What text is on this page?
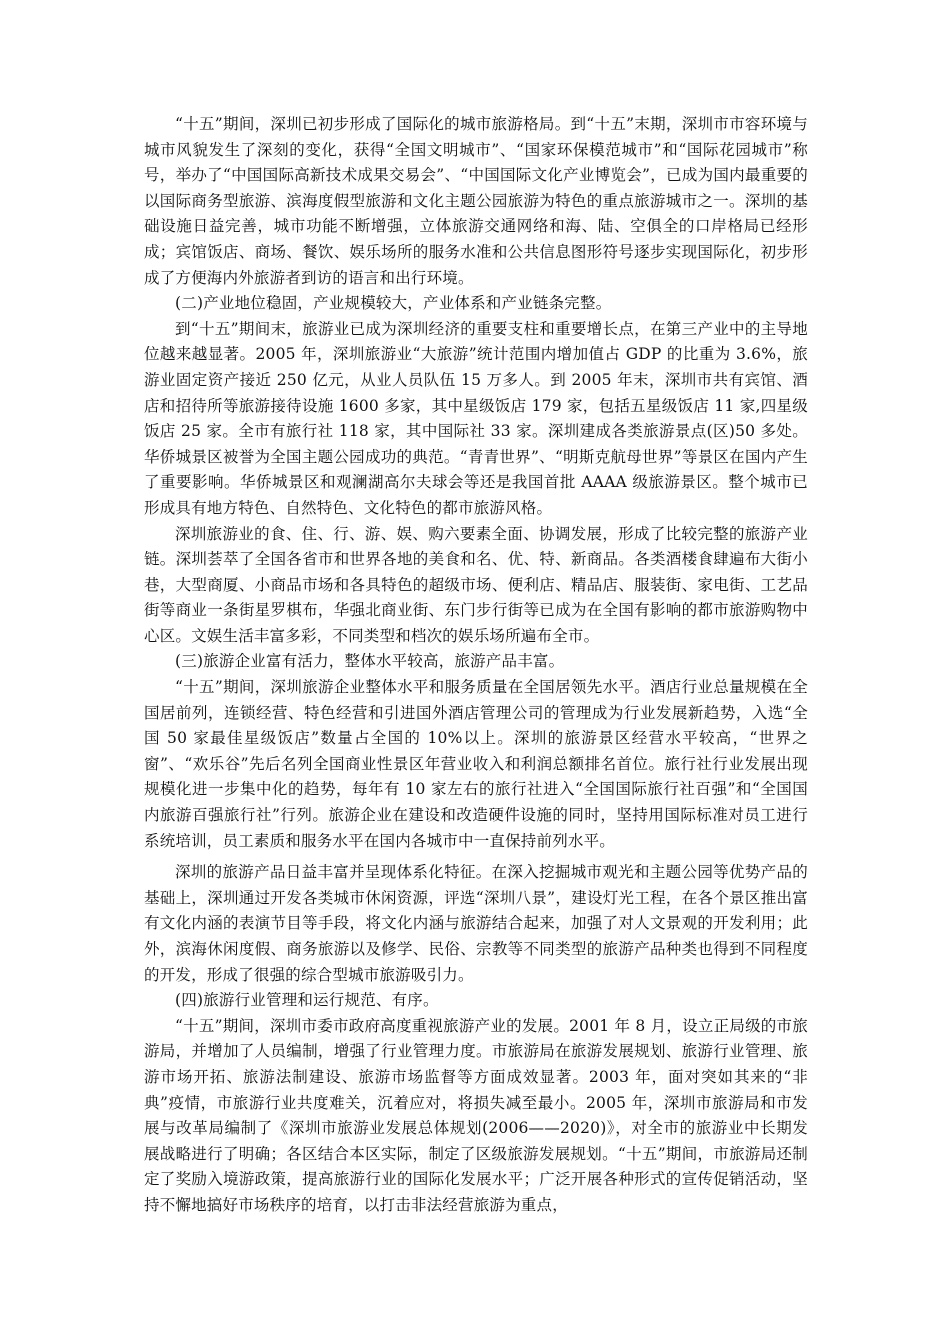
“十五”期间，深圳已初步形成了国际化的城市旅游格局。到“十五”末期，深圳市市容环境与城市风貌发生了深刻的变化，获得“全国文明城市”、“国家环保模范城市”和“国际花园城市”称号，举办了“中国国际高新技术成果交易会”、“中国国际文化产业博览会”，已成为国内最重要的以国际商务型旅游、滨海度假型旅游和文化主题公园旅游为特色的重点旅游城市之一。深圳的基础设施日益完善，城市功能不断增强，立体旅游交通网络和海、陆、空俱全的口岸格局已经形成；宾馆饭店、商场、餐饮、娱乐场所的服务水准和公共信息图形符号逐步实现国际化，初步形成了方便海内外旅游者到访的语言和出行环境。

(二)产业地位稳固，产业规模较大，产业体系和产业链条完整。

到“十五”期间末，旅游业已成为深圳经济的重要支柱和重要增长点，在第三产业中的主导地位越来越显著。2005 年，深圳旅游业“大旅游”统计范围内增加值占 GDP 的比重为 3.6%，旅游业固定资产接近 250 亿元，从业人员队伍 15 万多人。到 2005 年末，深圳市共有宾馆、酒店和招待所等旅游接待设施 1600 多家，其中星级饭店 179 家，包括五星级饭店 11 家,四星级饭店 25 家。全市有旅行社 118 家，其中国际社 33 家。深圳建成各类旅游景点(区)50 多处。华侨城景区被誉为全国主题公园成功的典范。“青青世界”、“明斯克航母世界”等景区在国内产生了重要影响。华侨城景区和观澜湖高尔夫球会等还是我国首批 AAAA 级旅游景区。整个城市已形成具有地方特色、自然特色、文化特色的都市旅游风格。

深圳旅游业的食、住、行、游、娱、购六要素全面、协调发展，形成了比较完整的旅游产业链。深圳荟萃了全国各省市和世界各地的美食和名、优、特、新商品。各类酒楼食肆遍布大街小巷，大型商厦、小商品市场和各具特色的超级市场、便利店、精品店、服装街、家电街、工艺品街等商业一条街星罗棋布，华强北商业街、东门步行街等已成为在全国有影响的都市旅游购物中心区。文娱生活丰富多彩，不同类型和档次的娱乐场所遍布全市。

(三)旅游企业富有活力，整体水平较高，旅游产品丰富。

“十五”期间，深圳旅游企业整体水平和服务质量在全国居领先水平。酒店行业总量规模在全国居前列，连锁经营、特色经营和引进国外酒店管理公司的管理成为行业发展新趋势，入选“全国 50 家最佳星级饭店”数量占全国的 10%以上。深圳的旅游景区经营水平较高，“世界之窗”、“欢乐谷”先后名列全国商业性景区年营业收入和利润总额排名首位。旅行社行业发展出现规模化进一步集中化的趋势，每年有 10 家左右的旅行社进入“全国国际旅行社百强”和“全国国内旅游百强旅行社”行列。旅游企业在建设和改造硬件设施的同时，坚持用国际标准对员工进行系统培训，员工素质和服务水平在国内各城市中一直保持前列水平。

深圳的旅游产品日益丰富并呈现体系化特征。在深入挖掘城市观光和主题公园等优势产品的基础上，深圳通过开发各类城市休闲资源，评选“深圳八景”，建设灯光工程，在各个景区推出富有文化内涵的表演节目等手段，将文化内涵与旅游结合起来，加强了对人文景观的开发利用；此外，滨海休闲度假、商务旅游以及修学、民俗、宗教等不同类型的旅游产品种类也得到不同程度的开发，形成了很强的综合型城市旅游吸引力。

(四)旅游行业管理和运行规范、有序。

“十五”期间，深圳市委市政府高度重视旅游产业的发展。2001 年 8 月，设立正局级的市旅游局，并增加了人员编制，增强了行业管理力度。市旅游局在旅游发展规划、旅游行业管理、旅游市场开拓、旅游法制建设、旅游市场监督等方面成效显著。2003 年，面对突如其来的“非典”疫情，市旅游行业共度难关，沉着应对，将损失减至最小。2005 年，深圳市旅游局和市发展与改革局编制了《深圳市旅游业发展总体规划(2006——2020)》，对全市的旅游业中长期发展战略进行了明确；各区结合本区实际，制定了区级旅游发展规划。“十五”期间，市旅游局还制定了奖励入境游政策，提高旅游行业的国际化发展水平；广泛开展各种形式的宣传促销活动，坚持不懈地搞好市场秩序的培育，以打击非法经营旅游为重点，
